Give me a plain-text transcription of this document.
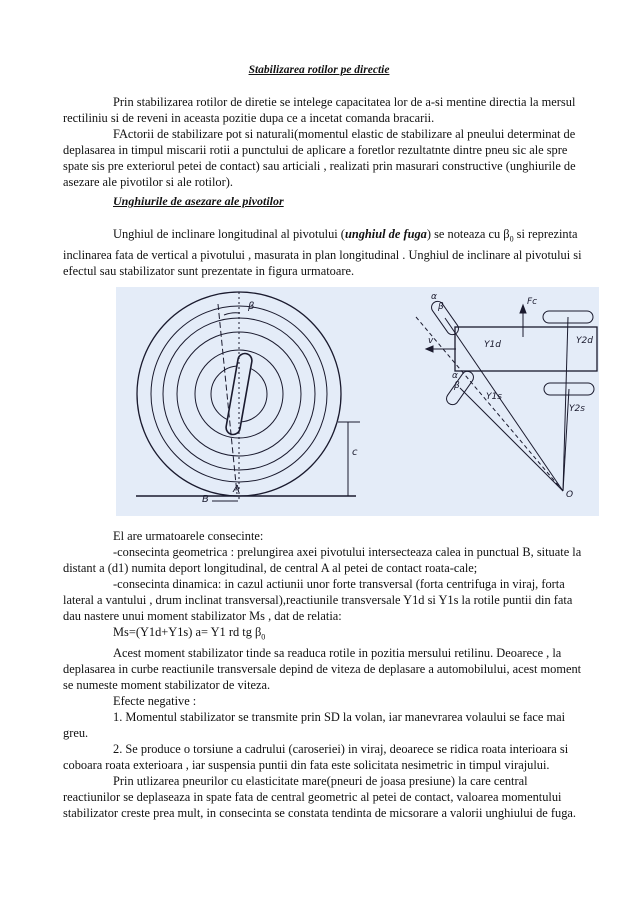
Stabilizarea rotilor pe directie

Prin stabilizarea rotilor de diretie se intelege capacitatea lor de a-si mentine directia la mersul rectiliniu si de reveni in aceasta pozitie dupa ce a incetat comanda bracarii.

FActorii de stabilizare pot si naturali(momentul elastic de stabilizare al pneului determinat de deplasarea in timpul miscarii rotii a punctului de aplicare a foretlor rezultatnte dintre pneu sic ale spre spate sis pre exteriorul petei de contact) sau articiali , realizati prin masurari constructive (unghiurile de asezare ale pivotilor si ale rotilor).

Unghiurile de asezare ale pivotilor

Unghiul de inclinare longitudinal al pivotului (unghiul de fuga) se noteaza cu $\beta_0$ si reprezinta inclinarea fata de vertical a pivotului , masurata in plan longitudinal . Unghiul de inclinare al pivotului si efectul sau stabilizator sunt prezentate in figura urmatoare.

β
B
A
c
v
Fc
Y1d	Y2d
Y1s
Y2s
O
α
β
α
β

El are urmatoarele consecinte:

-consecinta geometrica : prelungirea axei pivotului intersecteaza calea in punctual B, situate la distant a (d1) numita deport longitudinal, de central A al petei de contact roata-cale;

-consecinta dinamica: in cazul actiunii unor forte transversal (forta centrifuga in viraj, forta lateral a vantului , drum inclinat transversal),reactiunile transversale Y1d si Y1s la rotile puntii din fata dau nastere unui moment stabilizator Ms , dat de relatia:

Ms=(Y1d+Y1s) a= Y1 rd tg $\beta_0$

Acest moment stabilizator tinde sa readuca rotile in pozitia mersului retilinu. Deoarece , la deplasarea in curbe reactiunile transversale depind de viteza de deplasare a automobilului, acest moment se numeste moment stabilizator de viteza.

Efecte negative :

1. Momentul stabilizator se transmite prin SD la volan, iar manevrarea volaului se face mai greu.

2. Se produce o torsiune a cadrului (caroseriei) in viraj, deoarece se ridica roata interioara si coboara roata exterioara , iar suspensia puntii din fata este solicitata nesimetric in timpul virajului.

Prin utlizarea pneurilor cu elasticitate mare(pneuri de joasa presiune) la care central reactiunilor se deplaseaza in spate fata de central geometric al petei de contact, valoarea momentului stabilizator creste prea mult, in consecinta se constata tendinta de micsorare a valorii unghiului de fuga.
